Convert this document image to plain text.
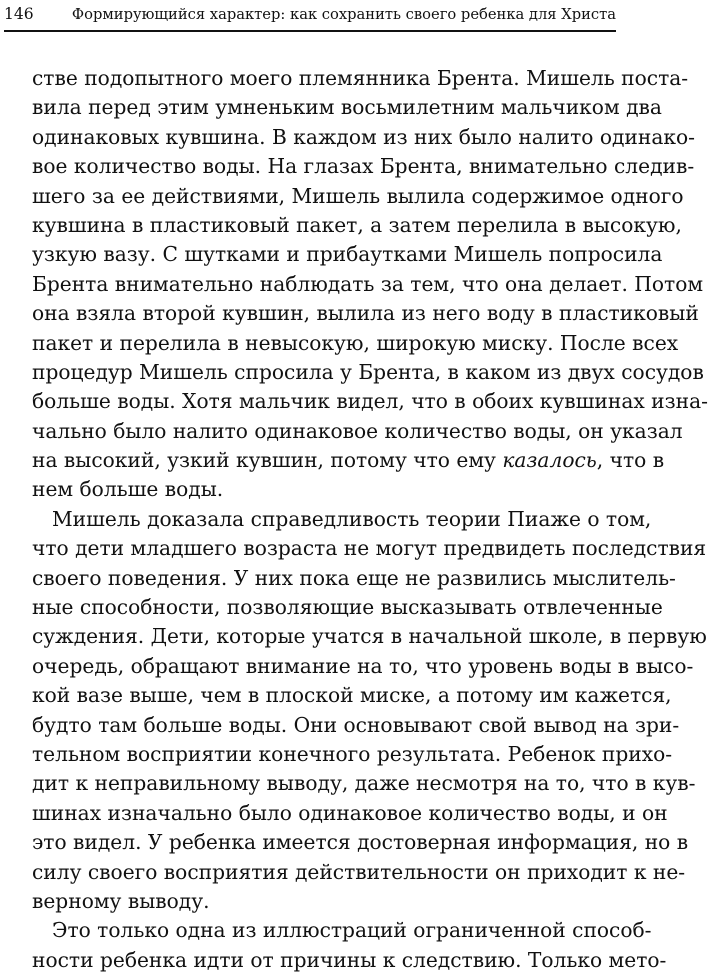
146	Формирующийся характер: как сохранить своего ребенка для Христа
стве подопытного моего племянника Брента. Мишель поста-
вила перед этим умненьким восьмилетним мальчиком два
одинаковых кувшина. В каждом из них было налито одинако-
вое количество воды. На глазах Брента, внимательно следив-
шего за ее действиями, Мишель вылила содержимое одного
кувшина в пластиковый пакет, а затем перелила в высокую,
узкую вазу. С шутками и прибаутками Мишель попросила
Брента внимательно наблюдать за тем, что она делает. Потом
она взяла второй кувшин, вылила из него воду в пластиковый
пакет и перелила в невысокую, широкую миску. После всех
процедур Мишель спросила у Брента, в каком из двух сосудов
больше воды. Хотя мальчик видел, что в обоих кувшинах изна-
чально было налито одинаковое количество воды, он указал
на высокий, узкий кувшин, потому что ему казалось, что в
нем больше воды.
Мишель доказала справедливость теории Пиаже о том,
что дети младшего возраста не могут предвидеть последствия
своего поведения. У них пока еще не развились мыслитель-
ные способности, позволяющие высказывать отвлеченные
суждения. Дети, которые учатся в начальной школе, в первую
очередь, обращают внимание на то, что уровень воды в высо-
кой вазе выше, чем в плоской миске, а потому им кажется,
будто там больше воды. Они основывают свой вывод на зри-
тельном восприятии конечного результата. Ребенок прихо-
дит к неправильному выводу, даже несмотря на то, что в кув-
шинах изначально было одинаковое количество воды, и он
это видел. У ребенка имеется достоверная информация, но в
силу своего восприятия действительности он приходит к не-
верному выводу.
Это только одна из иллюстраций ограниченной способ-
ности ребенка идти от причины к следствию. Только мето-
